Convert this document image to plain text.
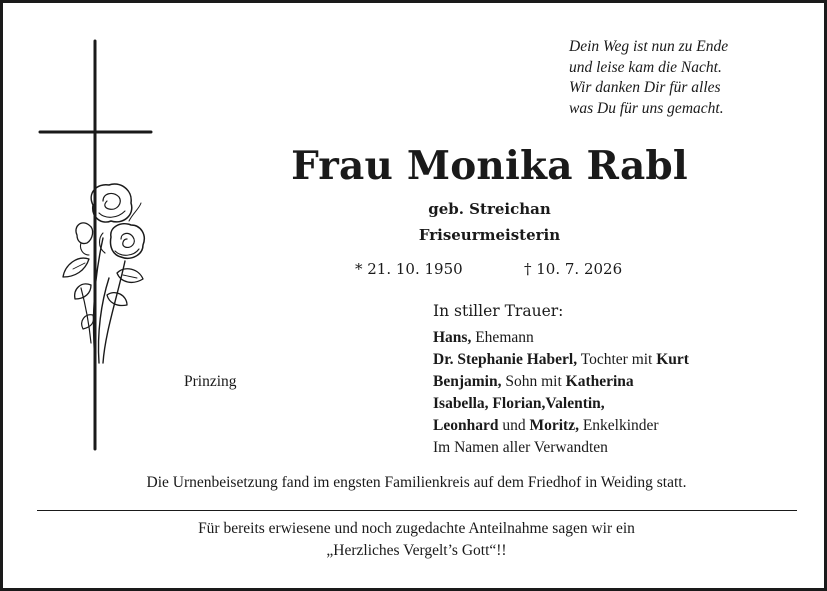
Dein Weg ist nun zu Ende
und leise kam die Nacht.
Wir danken Dir für alles
was Du für uns gemacht.
Frau Monika Rabl
geb. Streichan
Friseurmeisterin
* 21. 10. 1950	† 10. 7. 2026
In stiller Trauer:
Hans, Ehemann
Dr. Stephanie Haberl, Tochter mit Kurt
Benjamin, Sohn mit Katherina
Isabella, Florian,Valentin,
Leonhard und Moritz, Enkelkinder
Im Namen aller Verwandten
Prinzing
Die Urnenbeisetzung fand im engsten Familienkreis auf dem Friedhof in Weiding statt.
Für bereits erwiesene und noch zugedachte Anteilnahme sagen wir ein
„Herzliches Vergelt’s Gott“!!
